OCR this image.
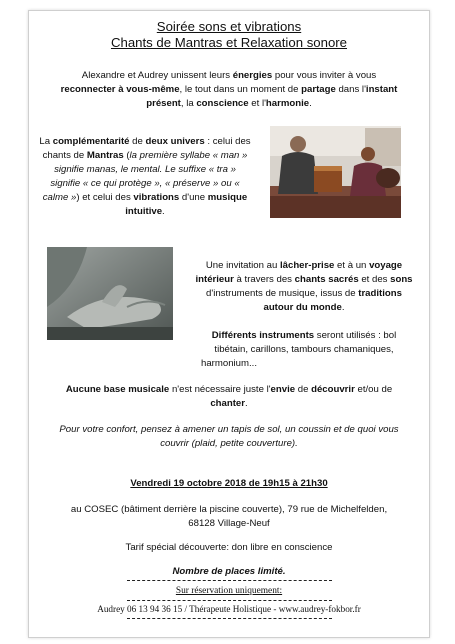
Soirée sons et vibrations
Chants de Mantras et Relaxation sonore
Alexandre et Audrey unissent leurs énergies pour vous inviter à vous
reconnecter à vous-même, le tout dans un moment de partage dans l'instant
présent, la conscience et l'harmonie.
La complémentarité de deux univers : celui des
chants de Mantras (la première syllabe « man »
signifie manas, le mental. Le suffixe « tra »
signifie « ce qui protège », « préserve » ou «
calme ») et celui des vibrations d'une musique
intuitive.
Une invitation au lâcher-prise et à un voyage
intérieur à travers des chants sacrés et des sons
d'instruments de musique, issus de traditions
autour du monde.
Différents instruments seront utilisés : bol
tibétain, carillons, tambours chamaniques,
harmonium...
Aucune base musicale n'est nécessaire juste l'envie de découvrir et/ou de
chanter.
Pour votre confort, pensez à amener un tapis de sol, un coussin et de quoi vous
couvrir (plaid, petite couverture).
Vendredi 19 octobre 2018 de 19h15 à 21h30
au COSEC (bâtiment derrière la piscine couverte), 79 rue de Michelfelden,
68128 Village-Neuf
Tarif spécial découverte: don libre en conscience
Nombre de places limité.
Sur réservation uniquement:
Audrey 06 13 94 36 15 / Thérapeute Holistique - www.audrey-fokbor.fr
